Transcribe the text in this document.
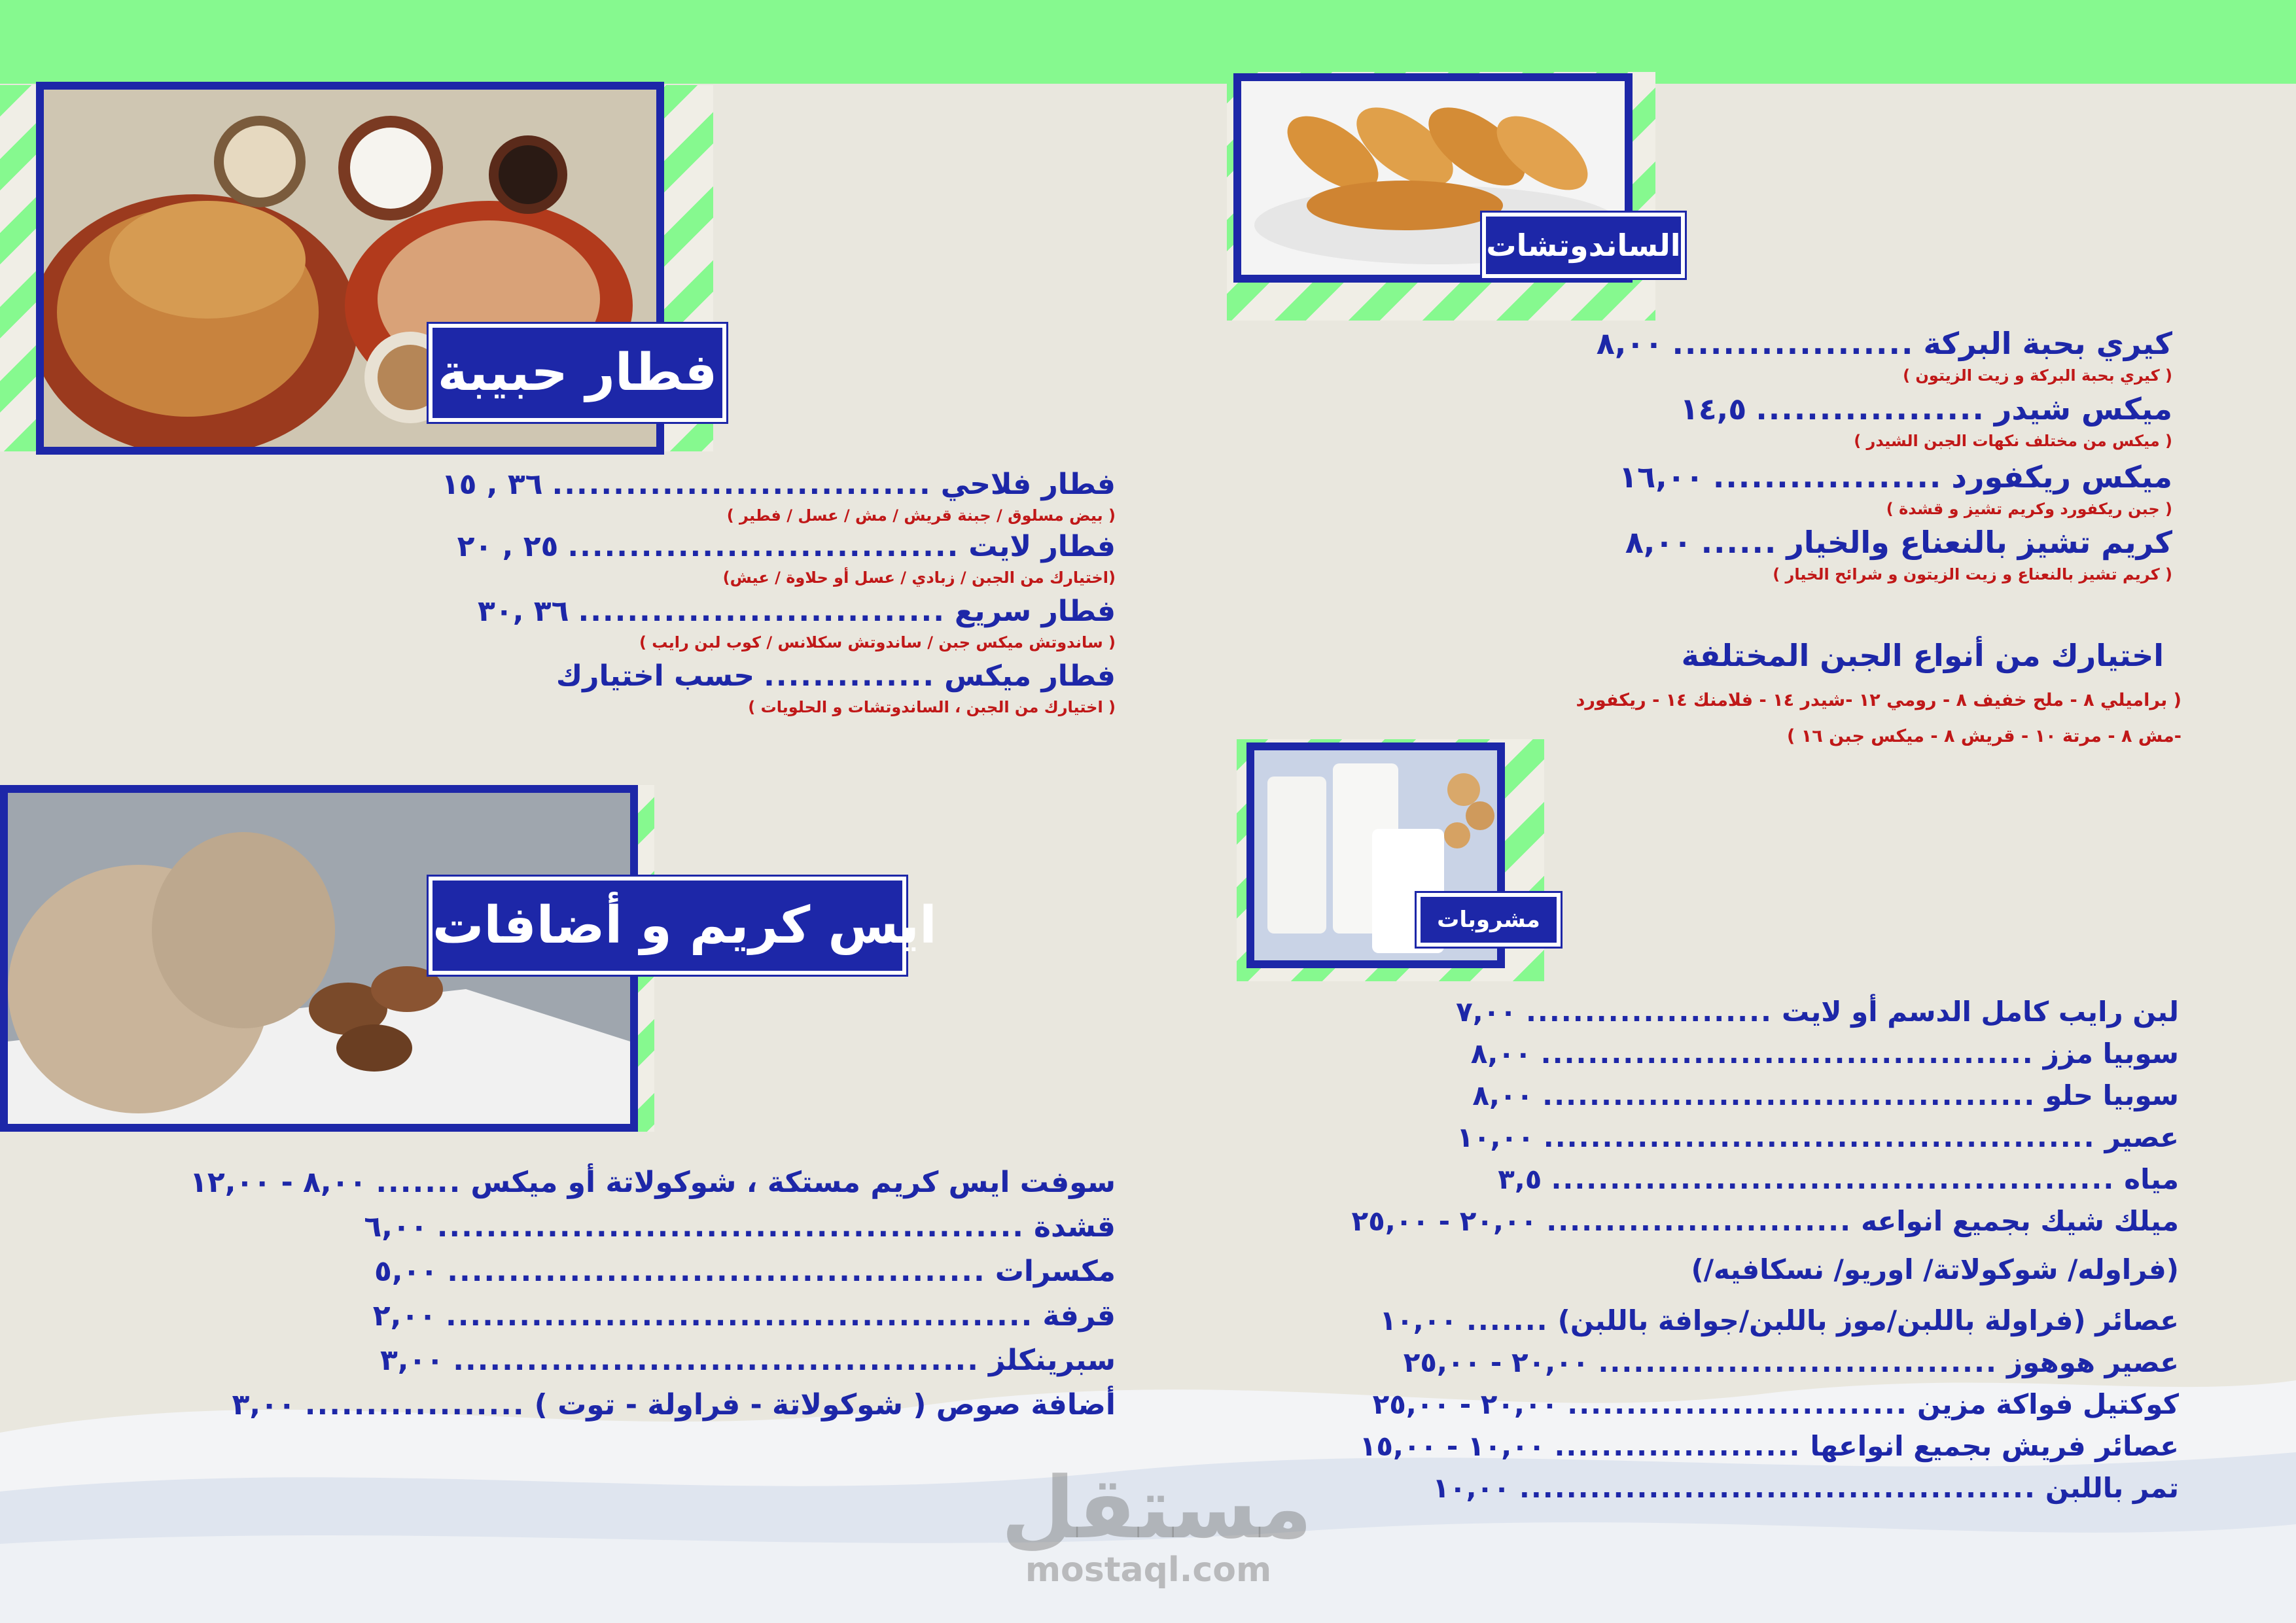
فطار حبيبة
فطار فلاحي
...............................
٣٦ , ١٥
( بيض مسلوق / جبنة قريش / مش / عسل / فطير )
فطار لايت
................................
٢٥ , ٢٠
(اختيارك من الجبن / زبادي / عسل أو حلاوة / عيش)
فطار سريع
..............................
٣٦ ,٣٠
( ساندوتش ميكس جبن / ساندوتش سكلانس / كوب لبن رايب )
فطار ميكس
..............
حسب اختيارك
( اختيارك من الجبن ، الساندوتشات و الحلويات )
ايس كريم و أضافات
سوفت ايس كريم مستكة ، شوكولاتة أو ميكس
.......
٨,٠٠ - ١٢,٠٠
قشدة
................................................
٦,٠٠
مكسرات
............................................
٥,٠٠
قرفة
................................................
٢,٠٠
سبرينكلز
...........................................
٣,٠٠
أضافة صوص ( شوكولاتة - فراولة - توت )
..................
٣,٠٠
الساندوتشات
كيري بحبة البركة
...................
٨,٠٠
( كيري بحبة البركة و زيت الزيتون )
ميكس شيدر
..................
١٤,٥
( ميكس من مختلف نكهات الجبن الشيدر )
ميكس ريكفورد
..................
١٦,٠٠
( جبن ريكفورد وكريم تشيز و قشدة )
كريم تشيز بالنعناع والخيار
......
٨,٠٠
( كريم تشيز بالنعناع و زيت الزيتون و شرائح الخيار )
اختيارك من أنواع الجبن المختلفة
( براميلي ٨ - ملح خفيف ٨ - رومي ١٢ -شيدر ١٤ - فلامنك ١٤ - ريكفورد
-مش ٨ - مرتة ١٠ - قريش ٨ - ميكس جبن ١٦ )
مشروبات
لبن رايب كامل الدسم أو لايت
.....................
٧,٠٠
سوبيا مزز
..........................................
٨,٠٠
سوبيا حلو
..........................................
٨,٠٠
عصير
...............................................
١٠,٠٠
مياه
................................................
٣,٥
ميلك شيك بجميع انواعه
..........................
٢٠,٠٠ - ٢٥,٠٠
(فراوله/ شوكولاتة/ اوريو/ نسكافيه/)
عصائر (فراولة باللبن/موز باللبن/جوافة باللبن)
.......
١٠,٠٠
عصير هوهوز
..................................
٢٠,٠٠ - ٢٥,٠٠
كوكتيل فواكة مزين
.............................
٢٠,٠٠ - ٢٥,٠٠
عصائر فريش بجميع انواعها
.....................
١٠,٠٠ - ١٥,٠٠
تمر باللبن
............................................
١٠,٠٠
مستقل
mostaql.com
